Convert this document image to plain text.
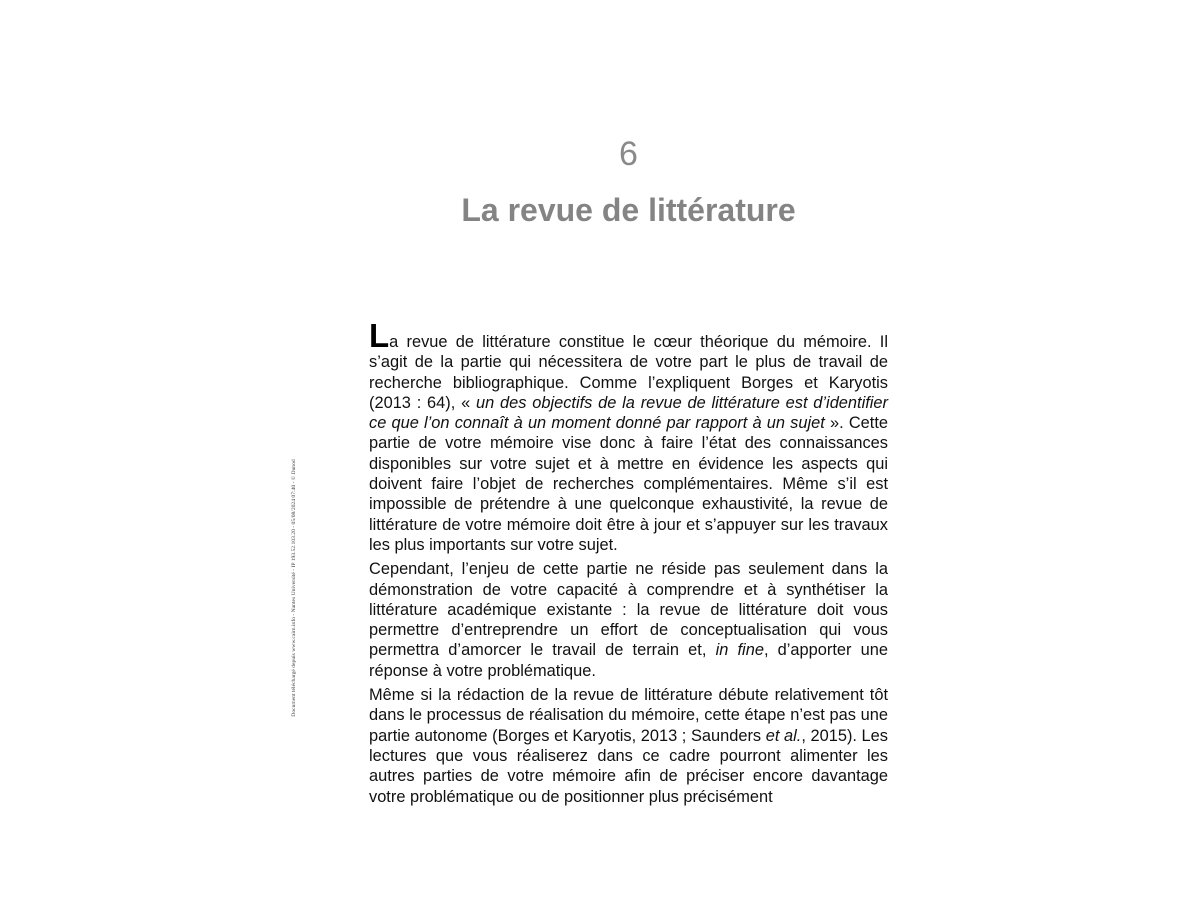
6
La revue de littérature
Document téléchargé depuis www.cairn.info - Nantes Université - IP 193.52.103.20 - 05/08/2024 07:40 - © Dunod

La revue de littérature constitue le cœur théorique du mémoire. Il s’agit de la partie qui nécessitera de votre part le plus de travail de recherche bibliographique. Comme l’expliquent Borges et Karyotis (2013 : 64), « un des objectifs de la revue de littérature est d’identifier ce que l’on connaît à un moment donné par rapport à un sujet ». Cette partie de votre mémoire vise donc à faire l’état des connaissances disponibles sur votre sujet et à mettre en évidence les aspects qui doivent faire l’objet de recherches complémentaires. Même s’il est impossible de prétendre à une quelconque exhaustivité, la revue de littérature de votre mémoire doit être à jour et s’appuyer sur les travaux les plus importants sur votre sujet.

Cependant, l’enjeu de cette partie ne réside pas seulement dans la démonstration de votre capacité à comprendre et à synthétiser la littérature académique existante : la revue de littérature doit vous permettre d’entreprendre un effort de conceptualisation qui vous permettra d’amorcer le travail de terrain et, in fine, d’apporter une réponse à votre problématique.

Même si la rédaction de la revue de littérature débute relativement tôt dans le processus de réalisation du mémoire, cette étape n’est pas une partie autonome (Borges et Karyotis, 2013 ; Saunders et al., 2015). Les lectures que vous réaliserez dans ce cadre pourront alimenter les autres parties de votre mémoire afin de préciser encore davantage votre problématique ou de positionner plus précisément
